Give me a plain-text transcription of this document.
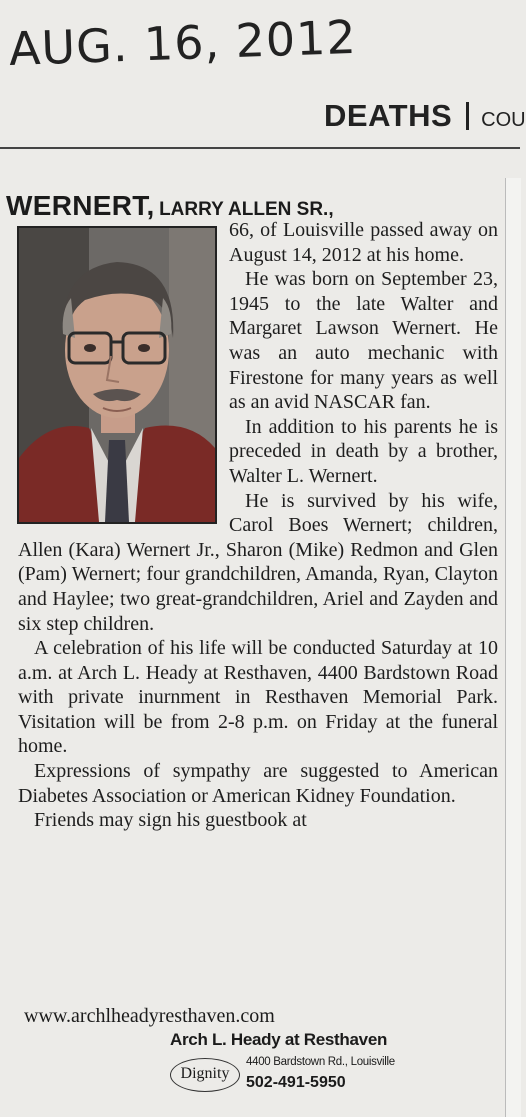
AUG. 16, 2012
DEATHS COU
WERNERT, LARRY ALLEN SR.,

66, of Louisville passed away on August 14, 2012 at his home.

He was born on September 23, 1945 to the late Walter and Margaret Lawson Wernert. He was an auto mechanic with Firestone for many years as well as an avid NASCAR fan.

In addition to his parents he is preceded in death by a brother, Walter L. Wernert.

He is survived by his wife, Carol Boes Wernert; children, Allen (Kara) Wernert Jr., Sharon (Mike) Redmon and Glen (Pam) Wernert; four grandchildren, Amanda, Ryan, Clayton and Haylee; two great-grandchildren, Ariel and Zayden and six step children.

A celebration of his life will be conducted Saturday at 10 a.m. at Arch L. Heady at Resthaven, 4400 Bardstown Road with private inurnment in Resthaven Memorial Park. Visitation will be from 2-8 p.m. on Friday at the funeral home.

Expressions of sympathy are suggested to American Diabetes Association or American Kidney Foundation.

Friends may sign his guestbook at

www.archlheadyresthaven.com
Arch L. Heady at Resthaven
Dignity
4400 Bardstown Rd., Louisville
502-491-5950
